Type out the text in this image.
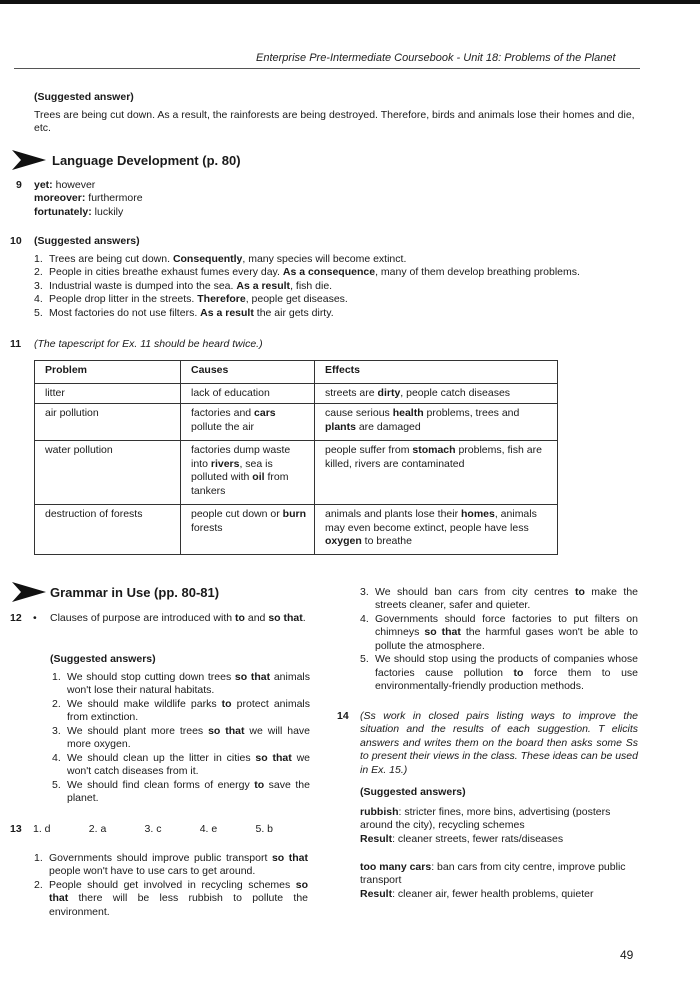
Enterprise Pre-Intermediate Coursebook - Unit 18: Problems of the Planet
(Suggested answer)
Trees are being cut down. As a result, the rainforests are being destroyed. Therefore, birds and animals lose their homes and die, etc.
Language Development (p. 80)
9 yet: however
moreover: furthermore
fortunately: luckily
10 (Suggested answers)
1. Trees are being cut down. Consequently, many species will become extinct.
2. People in cities breathe exhaust fumes every day. As a consequence, many of them develop breathing problems.
3. Industrial waste is dumped into the sea. As a result, fish die.
4. People drop litter in the streets. Therefore, people get diseases.
5. Most factories do not use filters. As a result the air gets dirty.
11 (The tapescript for Ex. 11 should be heard twice.)
Problem	Causes	Effects
litter	lack of education	streets are dirty, people catch diseases
air pollution	factories and cars pollute the air	cause serious health problems, trees and plants are damaged
water pollution	factories dump waste into rivers, sea is polluted with oil from tankers	people suffer from stomach problems, fish are killed, rivers are contaminated
destruction of forests	people cut down or burn forests	animals and plants lose their homes, animals may even become extinct, people have less oxygen to breathe
Grammar in Use (pp. 80-81)
12 • Clauses of purpose are introduced with to and so that.
(Suggested answers)
1. We should stop cutting down trees so that animals won't lose their natural habitats.
2. We should make wildlife parks to protect animals from extinction.
3. We should plant more trees so that we will have more oxygen.
4. We should clean up the litter in cities so that we won't catch diseases from it.
5. We should find clean forms of energy to save the planet.
13 1. d	2. a	3. c	4. e	5. b
1. Governments should improve public transport so that people won't have to use cars to get around.
2. People should get involved in recycling schemes so that there will be less rubbish to pollute the environment.
3. We should ban cars from city centres to make the streets cleaner, safer and quieter.
4. Governments should force factories to put filters on chimneys so that the harmful gases won't be able to pollute the atmosphere.
5. We should stop using the products of companies whose factories cause pollution to force them to use environmentally-friendly production methods.
14 (Ss work in closed pairs listing ways to improve the situation and the results of each suggestion. T elicits answers and writes them on the board then asks some Ss to present their views in the class. These ideas can be used in Ex. 15.)
(Suggested answers)
rubbish: stricter fines, more bins, advertising (posters around the city), recycling schemes
Result: cleaner streets, fewer rats/diseases
too many cars: ban cars from city centre, improve public transport
Result: cleaner air, fewer health problems, quieter
49
